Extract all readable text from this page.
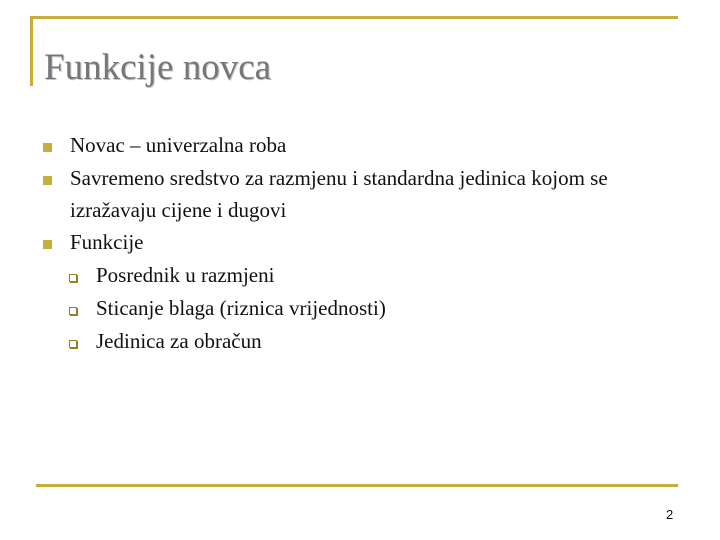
Funkcije novca
Novac – univerzalna roba
Savremeno sredstvo za razmjenu i standardna jedinica kojom se izražavaju cijene i dugovi
Funkcije
Posrednik u razmjeni
Sticanje blaga (riznica vrijednosti)
Jedinica za obračun
2
